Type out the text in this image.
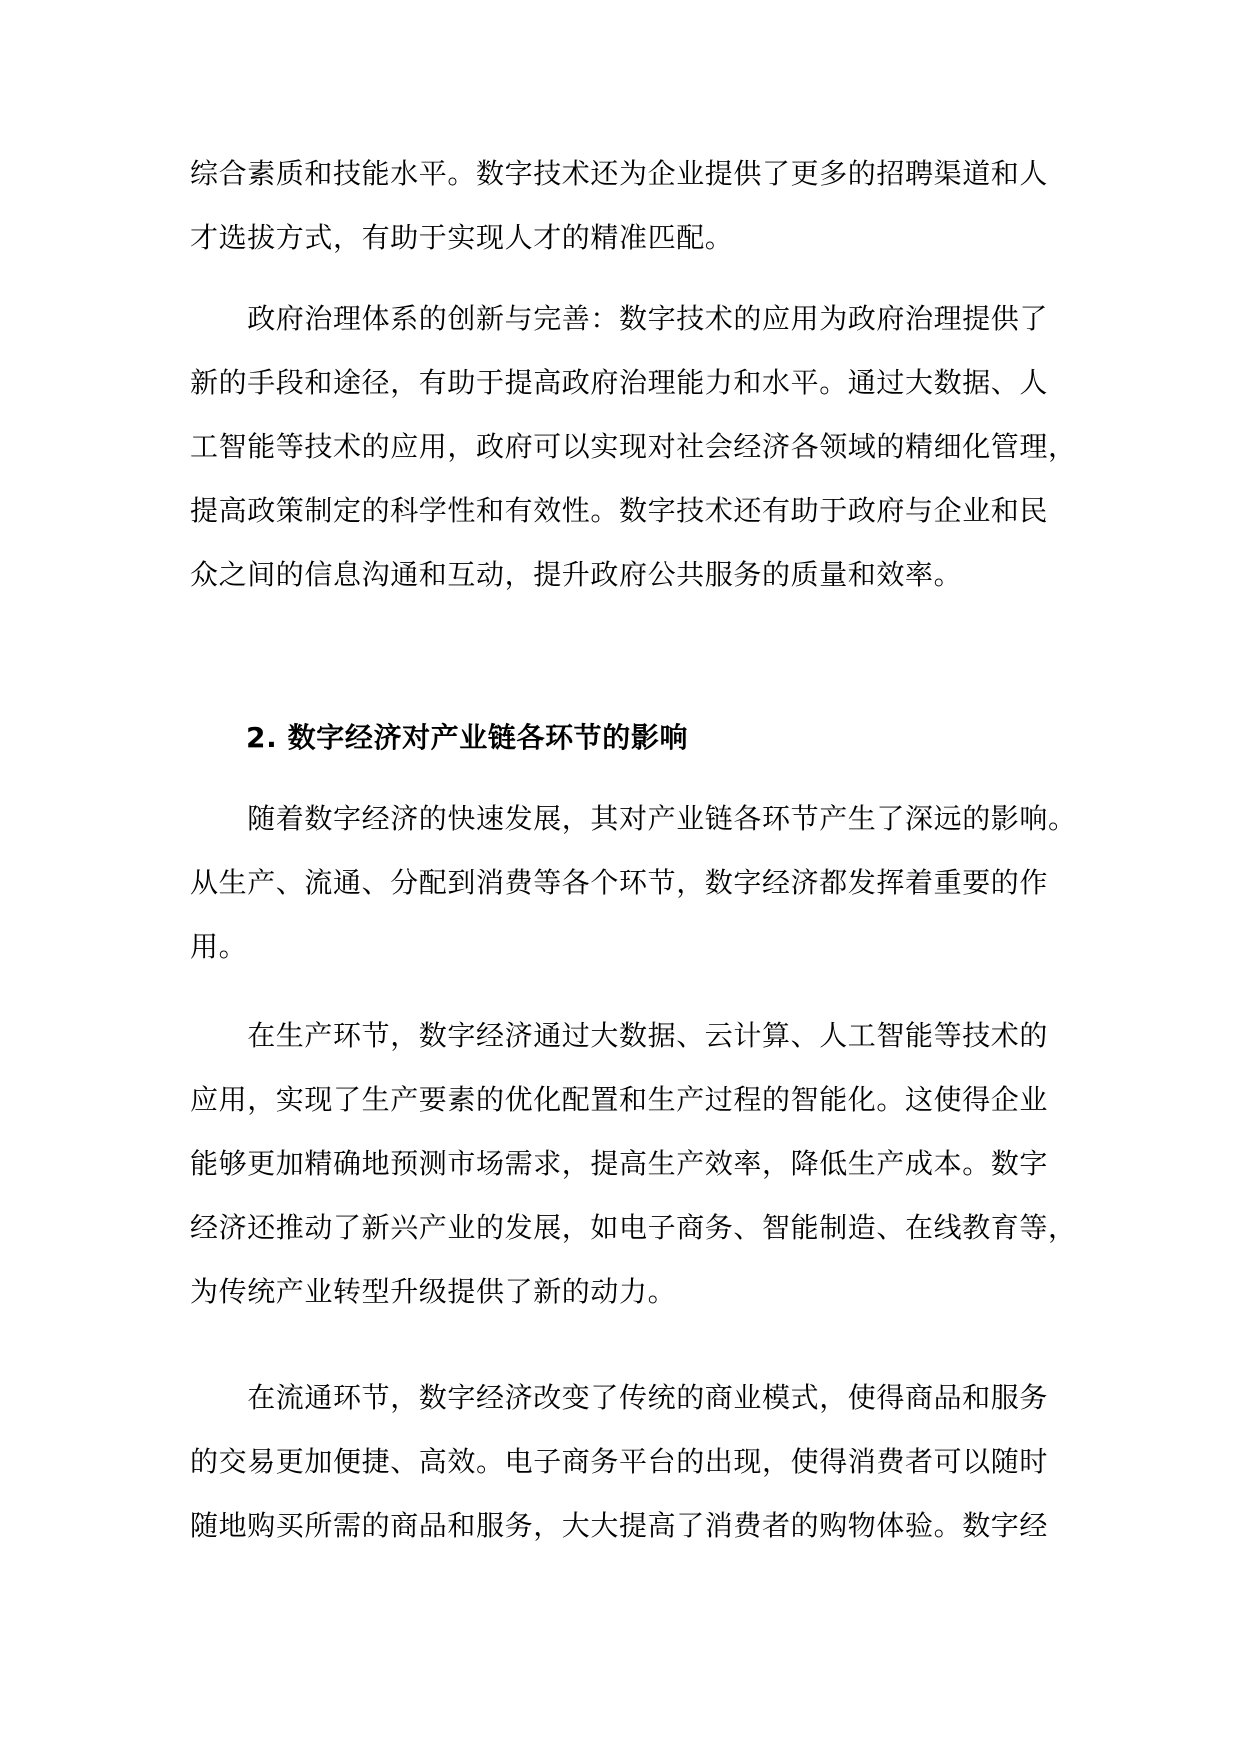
综合素质和技能水平。数字技术还为企业提供了更多的招聘渠道和人
才选拔方式，有助于实现人才的精准匹配。
　　政府治理体系的创新与完善：数字技术的应用为政府治理提供了
新的手段和途径，有助于提高政府治理能力和水平。通过大数据、人
工智能等技术的应用，政府可以实现对社会经济各领域的精细化管理，
提高政策制定的科学性和有效性。数字技术还有助于政府与企业和民
众之间的信息沟通和互动，提升政府公共服务的质量和效率。
2. 数字经济对产业链各环节的影响
　　随着数字经济的快速发展，其对产业链各环节产生了深远的影响。
从生产、流通、分配到消费等各个环节，数字经济都发挥着重要的作
用。
　　在生产环节，数字经济通过大数据、云计算、人工智能等技术的
应用，实现了生产要素的优化配置和生产过程的智能化。这使得企业
能够更加精确地预测市场需求，提高生产效率，降低生产成本。数字
经济还推动了新兴产业的发展，如电子商务、智能制造、在线教育等，
为传统产业转型升级提供了新的动力。
　　在流通环节，数字经济改变了传统的商业模式，使得商品和服务
的交易更加便捷、高效。电子商务平台的出现，使得消费者可以随时
随地购买所需的商品和服务，大大提高了消费者的购物体验。数字经
